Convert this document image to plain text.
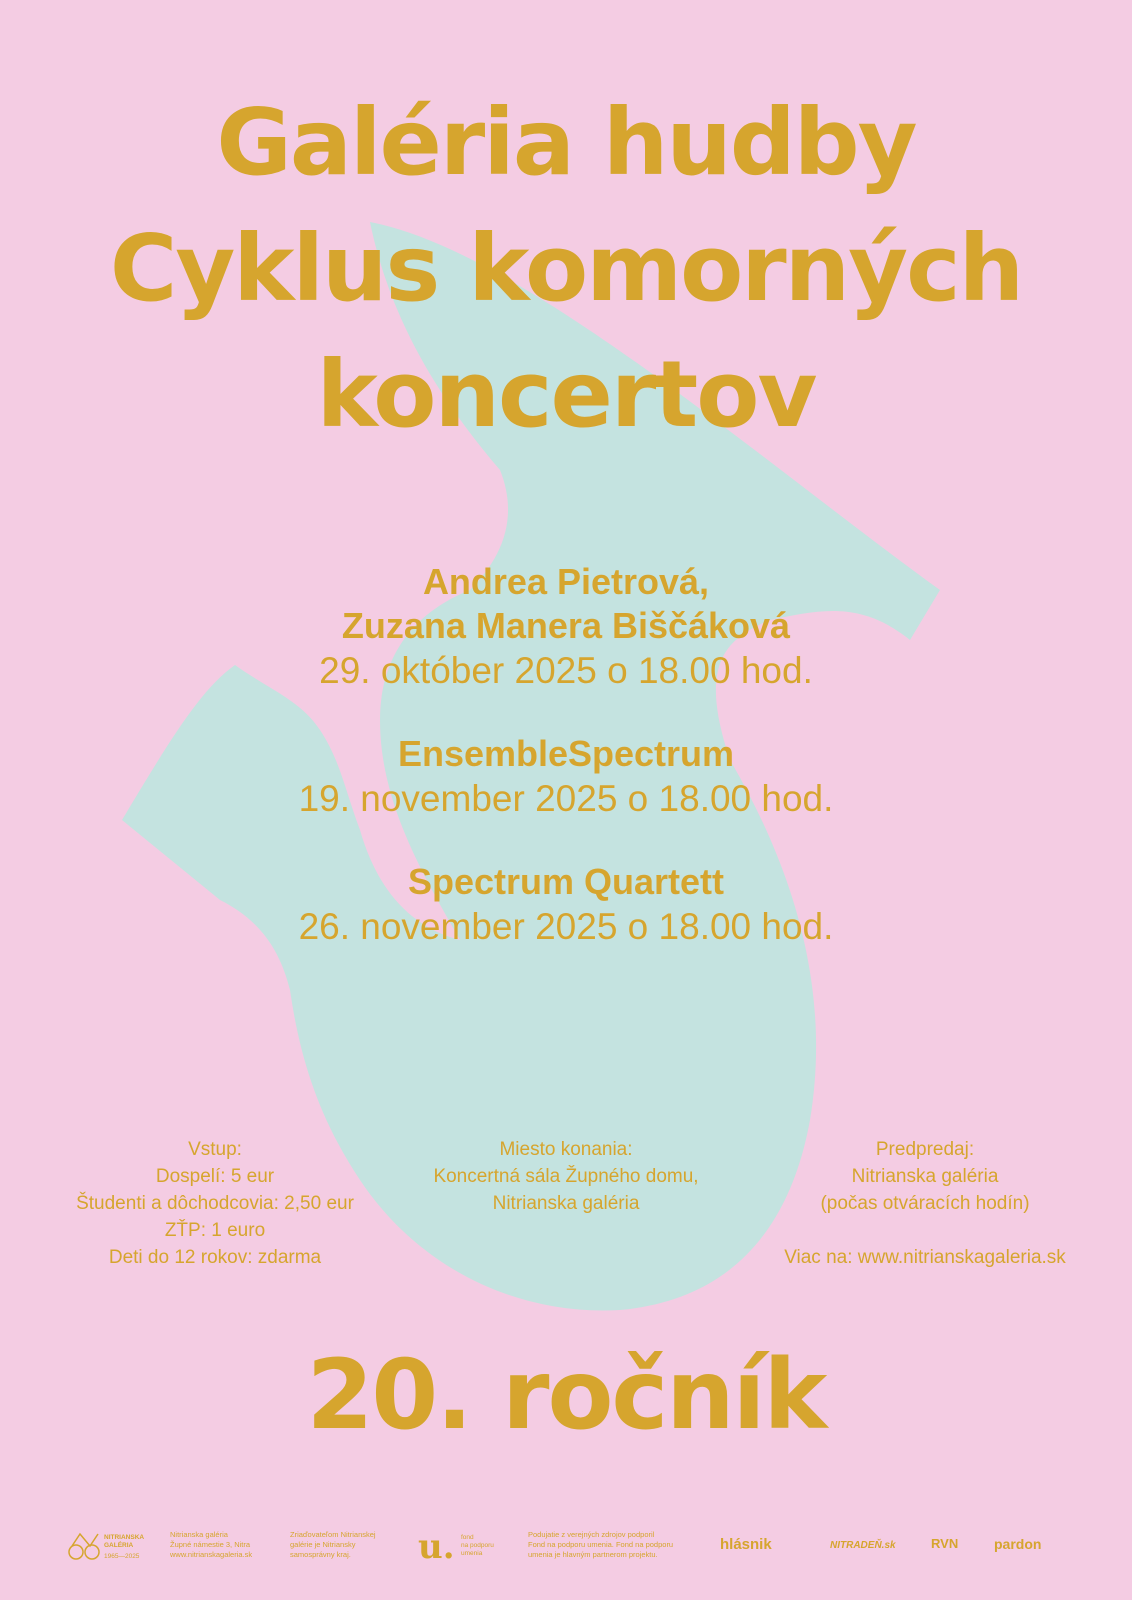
Galéria hudby
Cyklus komorných
koncertov
Andrea Pietrová,
Zuzana Manera Biščáková
29. október 2025 o 18.00 hod.
EnsembleSpectrum
19. november 2025 o 18.00 hod.
Spectrum Quartett
26. november 2025 o 18.00 hod.
Vstup:
Dospelí: 5 eur
Študenti a dôchodcovia: 2,50 eur
ZŤP: 1 euro
Deti do 12 rokov: zdarma
Miesto konania:
Koncertná sála Župného domu,
Nitrianska galéria
Predpredaj:
Nitrianska galéria
(počas otváracích hodín)
Viac na: www.nitrianskagaleria.sk
20. ročník
NITRIANSKA GALÉRIA
1965—2025
Nitrianska galéria
Župné námestie 3, Nitra
www.nitrianskagaleria.sk
Zriaďovateľom Nitrianskej
galérie je Nitriansky
samosprávny kraj.	u. fond
na podporu
umenia
Podujatie z verejných zdrojov podporil
Fond na podporu umenia. Fond na podporu
umenia je hlavným partnerom projektu.
hlásnik	NITRADEŇ.sk	RVN	pardon
